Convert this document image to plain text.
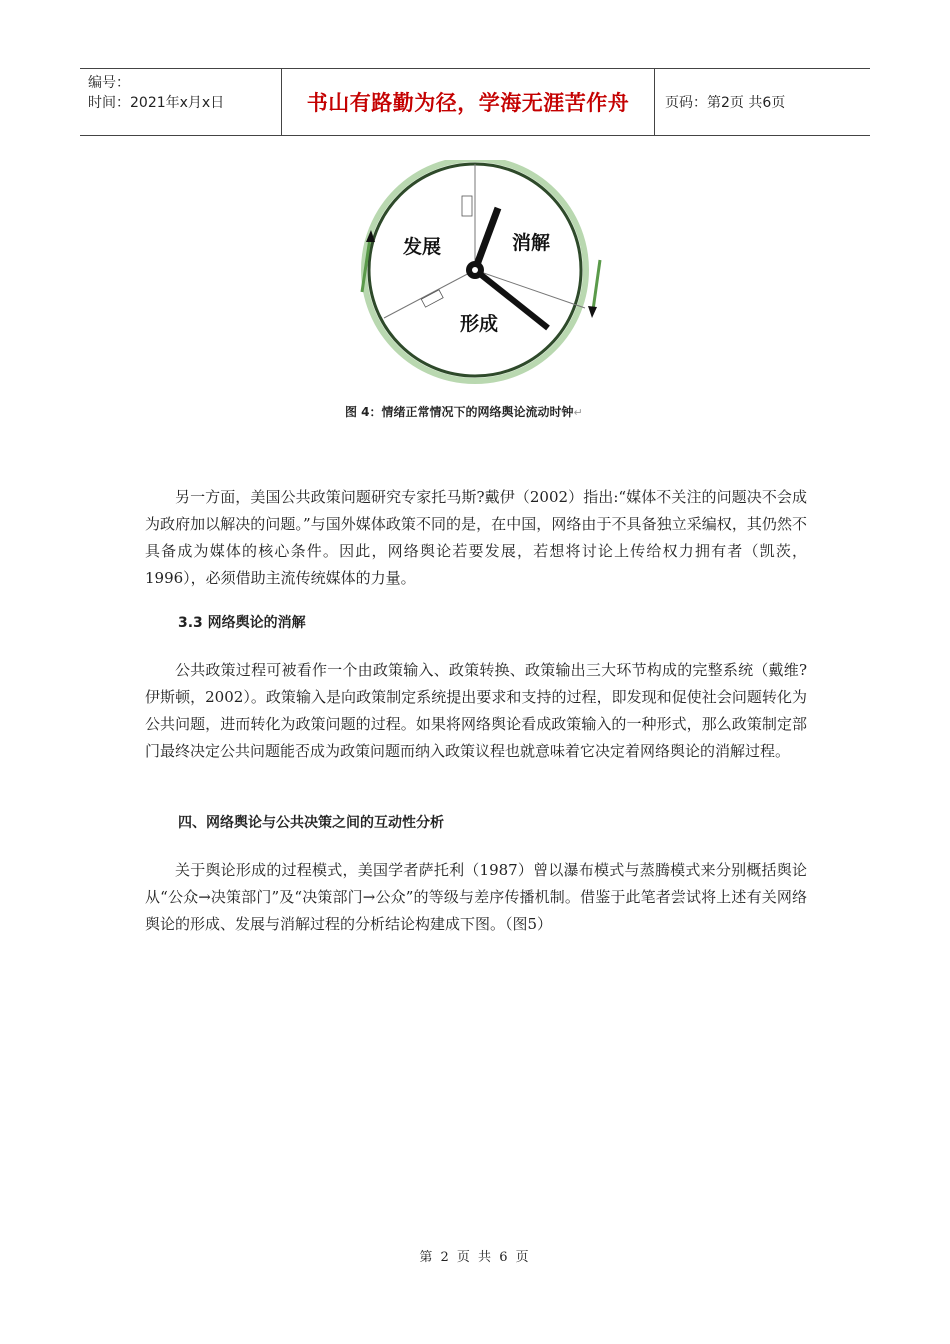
编号：
时间：2021年x月x日	书山有路勤为径，学海无涯苦作舟	页码：第2页 共6页
发展	消解
形成
图 4：情绪正常情况下的网络舆论流动时钟↵
另一方面，美国公共政策问题研究专家托马斯?戴伊（2002）指出:“媒体不关注的问题决不会成为政府加以解决的问题。”与国外媒体政策不同的是，在中国，网络由于不具备独立采编权，其仍然不具备成为媒体的核心条件。因此，网络舆论若要发展，若想将讨论上传给权力拥有者（凯茨，1996），必须借助主流传统媒体的力量。
3.3 网络舆论的消解
公共政策过程可被看作一个由政策输入、政策转换、政策输出三大环节构成的完整系统（戴维?伊斯顿，2002）。政策输入是向政策制定系统提出要求和支持的过程，即发现和促使社会问题转化为公共问题，进而转化为政策问题的过程。如果将网络舆论看成政策输入的一种形式，那么政策制定部门最终决定公共问题能否成为政策问题而纳入政策议程也就意味着它决定着网络舆论的消解过程。
四、网络舆论与公共决策之间的互动性分析
关于舆论形成的过程模式，美国学者萨托利（1987）曾以瀑布模式与蒸腾模式来分别概括舆论从“公众→决策部门”及“决策部门→公众”的等级与差序传播机制。借鉴于此笔者尝试将上述有关网络舆论的形成、发展与消解过程的分析结论构建成下图。（图5）
第 2 页 共 6 页
